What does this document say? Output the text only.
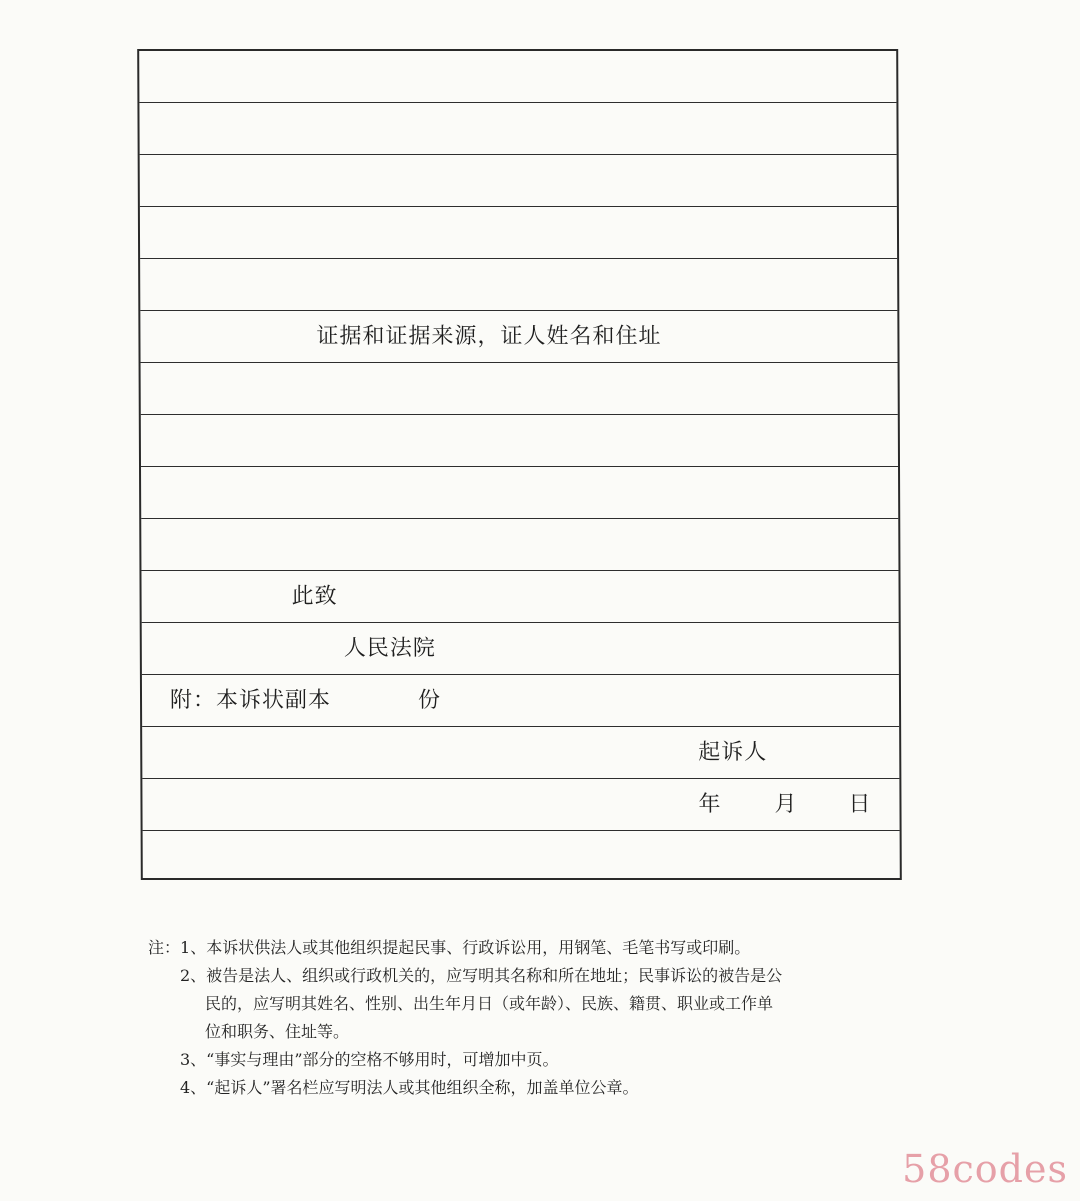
证据和证据来源，证人姓名和住址
此致
人民法院
附：本诉状副本	份
起诉人
年 月 日
注：1、本诉状供法人或其他组织提起民事、行政诉讼用，用钢笔、毛笔书写或印刷。
2、被告是法人、组织或行政机关的，应写明其名称和所在地址；民事诉讼的被告是公
民的，应写明其姓名、性别、出生年月日（或年龄）、民族、籍贯、职业或工作单
位和职务、住址等。
3、“事实与理由”部分的空格不够用时，可增加中页。
4、“起诉人”署名栏应写明法人或其他组织全称，加盖单位公章。
58codes
